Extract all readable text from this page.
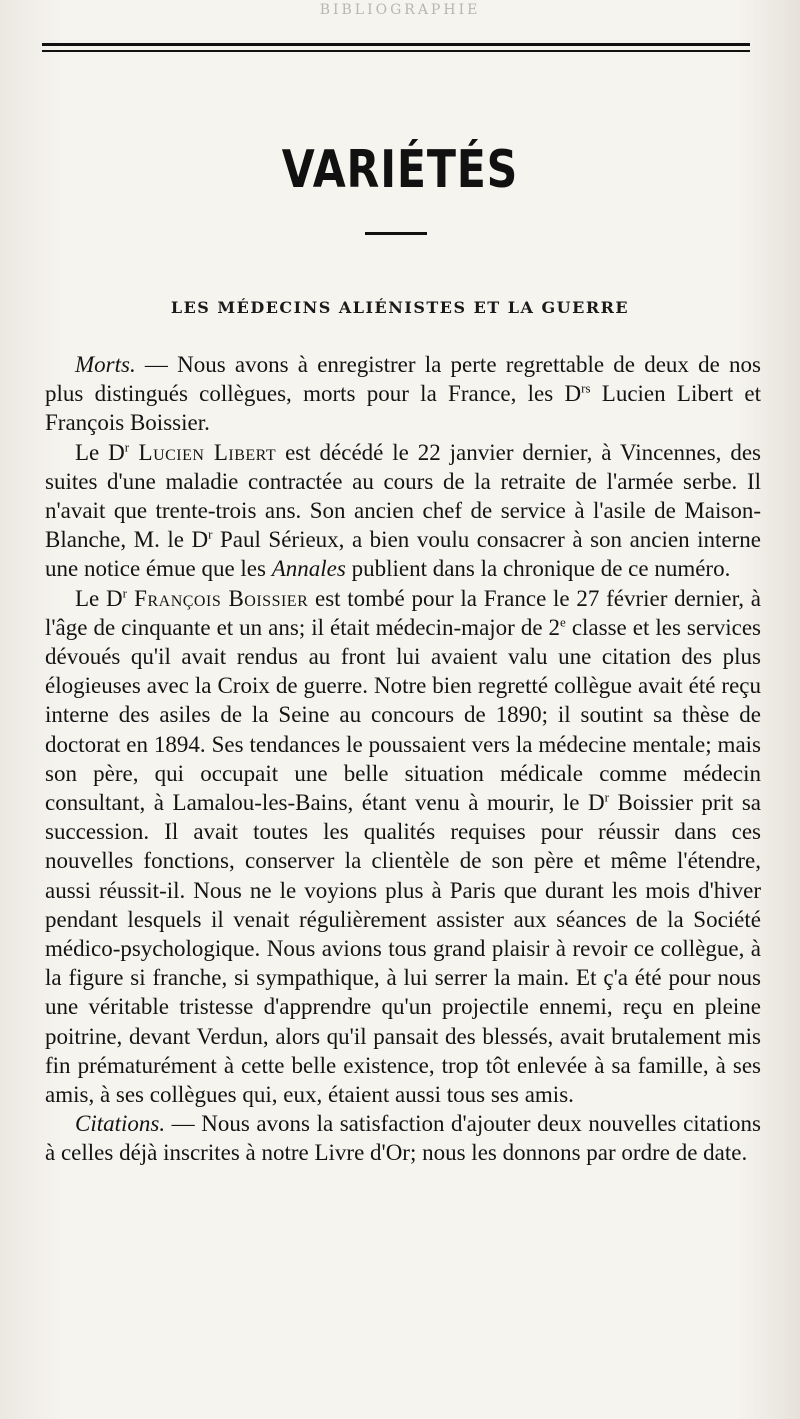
BIBLIOGRAPHIE
VARIÉTÉS
LES MÉDECINS ALIÉNISTES ET LA GUERRE

Morts. — Nous avons à enregistrer la perte regrettable de deux de nos plus distingués collègues, morts pour la France, les $D^{rs}$ Lucien Libert et François Boissier.

Le $D^r$ Lucien Libert est décédé le 22 janvier dernier, à Vincennes, des suites d'une maladie contractée au cours de la retraite de l'armée serbe. Il n'avait que trente-trois ans. Son ancien chef de service à l'asile de Maison-Blanche, M. le $D^r$ Paul Sérieux, a bien voulu consacrer à son ancien interne une notice émue que les Annales publient dans la chronique de ce numéro.

Le $D^r$ François Boissier est tombé pour la France le 27 février dernier, à l'âge de cinquante et un ans; il était médecin-major de 2e classe et les services dévoués qu'il avait rendus au front lui avaient valu une citation des plus élogieuses avec la Croix de guerre. Notre bien regretté collègue avait été reçu interne des asiles de la Seine au concours de 1890; il soutint sa thèse de doctorat en 1894. Ses tendances le poussaient vers la médecine mentale; mais son père, qui occupait une belle situation médicale comme médecin consultant, à Lamalou-les-Bains, étant venu à mourir, le $D^r$ Boissier prit sa succession. Il avait toutes les qualités requises pour réussir dans ces nouvelles fonctions, conserver la clientèle de son père et même l'étendre, aussi réussit-il. Nous ne le voyions plus à Paris que durant les mois d'hiver pendant lesquels il venait régulièrement assister aux séances de la Société médico-psychologique. Nous avions tous grand plaisir à revoir ce collègue, à la figure si franche, si sympathique, à lui serrer la main. Et ç'a été pour nous une véritable tristesse d'apprendre qu'un projectile ennemi, reçu en pleine poitrine, devant Verdun, alors qu'il pansait des blessés, avait brutalement mis fin prématurément à cette belle existence, trop tôt enlevée à sa famille, à ses amis, à ses collègues qui, eux, étaient aussi tous ses amis.

Citations. — Nous avons la satisfaction d'ajouter deux nouvelles citations à celles déjà inscrites à notre Livre d'Or; nous les donnons par ordre de date.
